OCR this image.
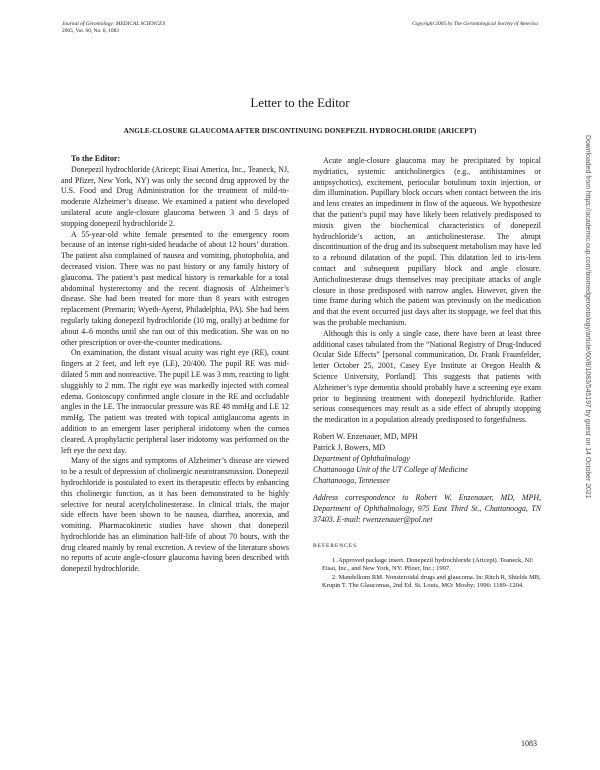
Journal of Gerontology: MEDICAL SCIENCES
2005, Vol. 60, No. 8, 1083
Copyright 2005 by The Gerontological Society of America
Letter to the Editor
ANGLE-CLOSURE GLAUCOMA AFTER DISCONTINUING DONEPEZIL HYDROCHLORIDE (ARICEPT)

To the Editor:

Donepezil hydrochloride (Aricept; Eisai America, Inc., Teaneck, NJ, and Pfizer, New York, NY) was only the second drug approved by the U.S. Food and Drug Administration for the treatment of mild-to-moderate Alzheimer’s disease. We examined a patient who developed unilateral acute angle-closure glaucoma between 3 and 5 days of stopping donepezil hydrochloride 2.

A 55-year-old white female presented to the emergency room because of an intense right-sided headache of about 12 hours’ duration. The patient also complained of nausea and vomiting, photophobia, and decreased vision. There was no past history or any family history of glaucoma. The patient’s past medical history is remarkable for a total abdominal hysterectomy and the recent diagnosis of Alzheimer’s disease. She had been treated for more than 8 years with estrogen replacement (Premarin; Wyeth-Ayerst, Philadelphia, PA). She had been regularly taking donepezil hydrochloride (10 mg, orally) at bedtime for about 4–6 months until she ran out of this medication. She was on no other prescription or over-the-counter medications.

On examination, the distant visual acuity was right eye (RE), count fingers at 2 feet, and left eye (LE), 20/400. The pupil RE was mid-dilated 5 mm and nonreactive. The pupil LE was 3 mm, reacting to light sluggishly to 2 mm. The right eye was markedly injected with corneal edema. Gonioscopy confirmed angle closure in the RE and occludable angles in the LE. The intraocular pressure was RE 48 mmHg and LE 12 mmHg. The patient was treated with topical antiglaucoma agents in addition to an emergent laser peripheral iridotomy when the cornea cleared. A prophylactic peripheral laser iridotomy was performed on the left eye the next day.

Many of the signs and symptoms of Alzheimer’s disease are viewed to be a result of depression of cholinergic neurotransmission. Donepezil hydrochloride is postulated to exert its therapeutic effects by enhancing this cholinergic function, as it has been demonstrated to be highly selective for neural acetylcholinesterase. In clinical trials, the major side effects have been shown to be nausea, diarrhea, anorexia, and vomiting. Pharmacokinetic studies have shown that donepezil hydrochloride has an elimination half-life of about 70 hours, with the drug cleared mainly by renal excretion. A review of the literature shows no reports of acute angle-closure glaucoma having been described with donepezil hydrochloride.

Acute angle-closure glaucoma may be precipitated by topical mydriatics, systemic anticholinergics (e.g., antihistamines or antipsychotics), excitement, periocular botulinum toxin injection, or dim illumination. Pupillary block occurs when contact between the iris and lens creates an impediment in flow of the aqueous. We hypothesize that the patient’s pupil may have likely been relatively predisposed to miosis given the biochemical characteristics of donepezil hydrochloride’s action, an anticholinesterase. The abrupt discontinuation of the drug and its subsequent metabolism may have led to a rebound dilatation of the pupil. This dilatation led to iris-lens contact and subsequent pupillary block and angle closure. Anticholinesterase drugs themselves may precipitate attacks of angle closure in those predisposed with narrow angles. However, given the time frame during which the patient was previously on the medication and that the event occurred just days after its stoppage, we feel that this was the probable mechanism.

Although this is only a single case, there have been at least three additional cases tabulated from the “National Registry of Drug-Induced Ocular Side Effects” [personal communication, Dr. Frank Fraunfelder, letter October 25, 2001, Casey Eye Institute at Oregon Health & Science University, Portland]. This suggests that patients with Alzheimer’s type dementia should probably have a screening eye exam prior to beginning treatment with donepezil hydrichloride. Rather serious consequences may result as a side effect of abruptly stopping the medication in a population already predisposed to forgetfulness.

Robert W. Enzenauer, MD, MPH

Patrick J. Bowers, MD

Department of Ophthalmology

Chattanooga Unit of the UT College of Medicine

Chattanooga, Tennessee

Address correspondence to Robert W. Enzenauer, MD, MPH, Department of Ophthalmology, 975 East Third St., Chattanooga, TN 37403. E-mail: rwenzenauer@pol.net

REFERENCES

1. Approved package insert. Donepezil hydrochloride (Aricept). Teaneck, NJ: Eisai, Inc., and New York, NY: Pfizer, Inc.; 1997.

2. Mandelkorn RM. Nonsteroidal drugs and glaucoma. In: Ritch R, Shields MB, Krupin T. The Glaucomas, 2nd Ed. St. Louis, MO: Mosby; 1996: 1189–1204.

Downloaded from https://academic.oup.com/biomedgerontology/article/60/8/1083/545197 by guest on 14 October 2021
1083
